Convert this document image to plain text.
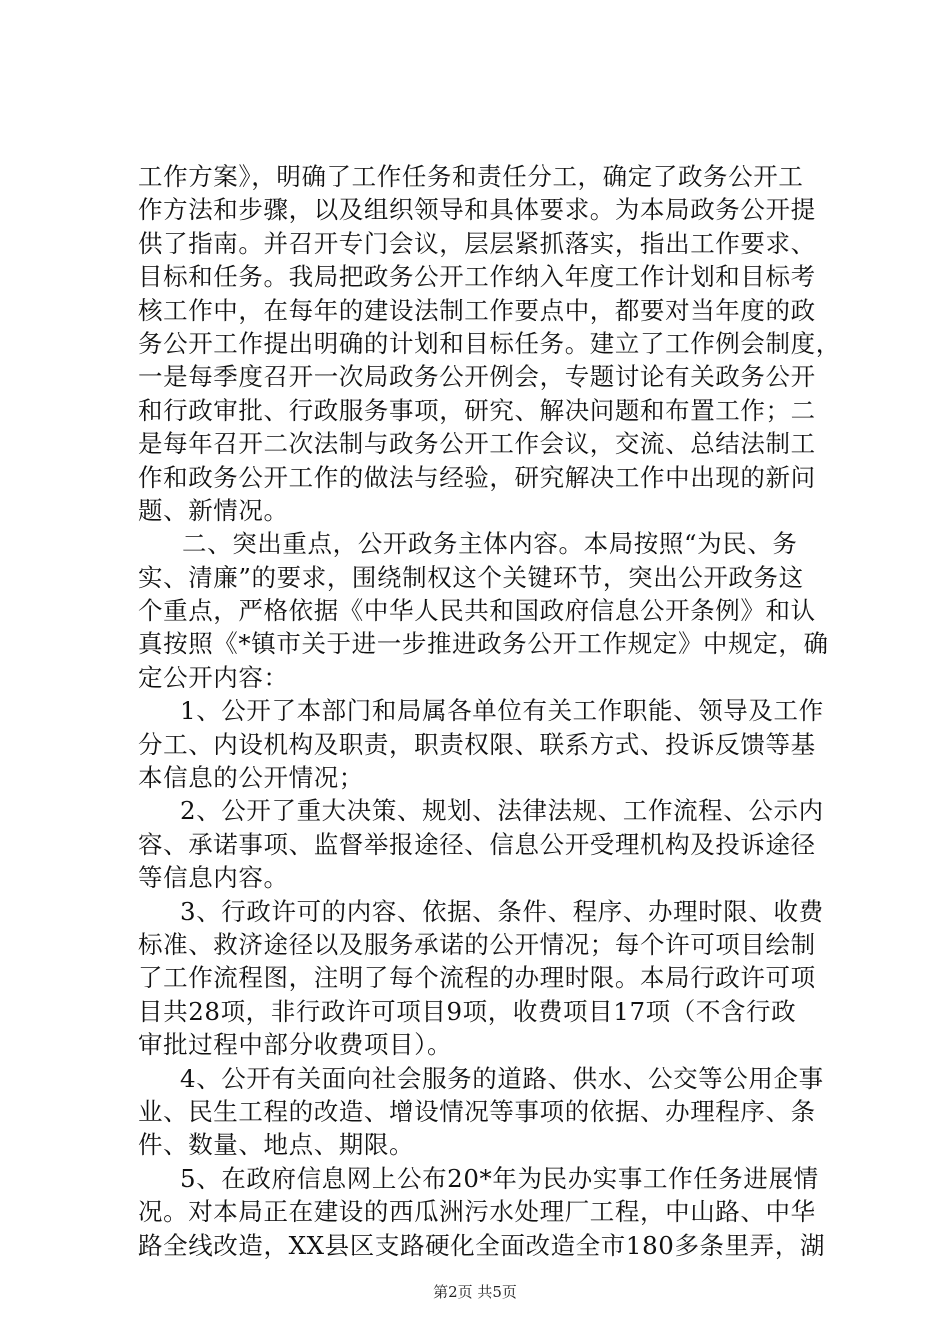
工作方案》，明确了工作任务和责任分工，确定了政务公开工
作方法和步骤，以及组织领导和具体要求。为本局政务公开提
供了指南。并召开专门会议，层层紧抓落实，指出工作要求、
目标和任务。我局把政务公开工作纳入年度工作计划和目标考
核工作中，在每年的建设法制工作要点中，都要对当年度的政
务公开工作提出明确的计划和目标任务。建立了工作例会制度，
一是每季度召开一次局政务公开例会，专题讨论有关政务公开
和行政审批、行政服务事项，研究、解决问题和布置工作；二
是每年召开二次法制与政务公开工作会议，交流、总结法制工
作和政务公开工作的做法与经验，研究解决工作中出现的新问
题、新情况。
二、突出重点，公开政务主体内容。本局按照“为民、务
实、清廉”的要求，围绕制权这个关键环节，突出公开政务这
个重点，严格依据《中华人民共和国政府信息公开条例》和认
真按照《*镇市关于进一步推进政务公开工作规定》中规定，确
定公开内容：
1、公开了本部门和局属各单位有关工作职能、领导及工作
分工、内设机构及职责，职责权限、联系方式、投诉反馈等基
本信息的公开情况；
2、公开了重大决策、规划、法律法规、工作流程、公示内
容、承诺事项、监督举报途径、信息公开受理机构及投诉途径
等信息内容。
3、行政许可的内容、依据、条件、程序、办理时限、收费
标准、救济途径以及服务承诺的公开情况；每个许可项目绘制
了工作流程图，注明了每个流程的办理时限。本局行政许可项
目共28项，非行政许可项目9项，收费项目17项（不含行政
审批过程中部分收费项目）。
4、公开有关面向社会服务的道路、供水、公交等公用企事
业、民生工程的改造、增设情况等事项的依据、办理程序、条
件、数量、地点、期限。
5、在政府信息网上公布20*年为民办实事工作任务进展情
况。对本局正在建设的西瓜洲污水处理厂工程，中山路、中华
路全线改造，XX县区支路硬化全面改造全市180多条里弄，湖
第2页 共5页
